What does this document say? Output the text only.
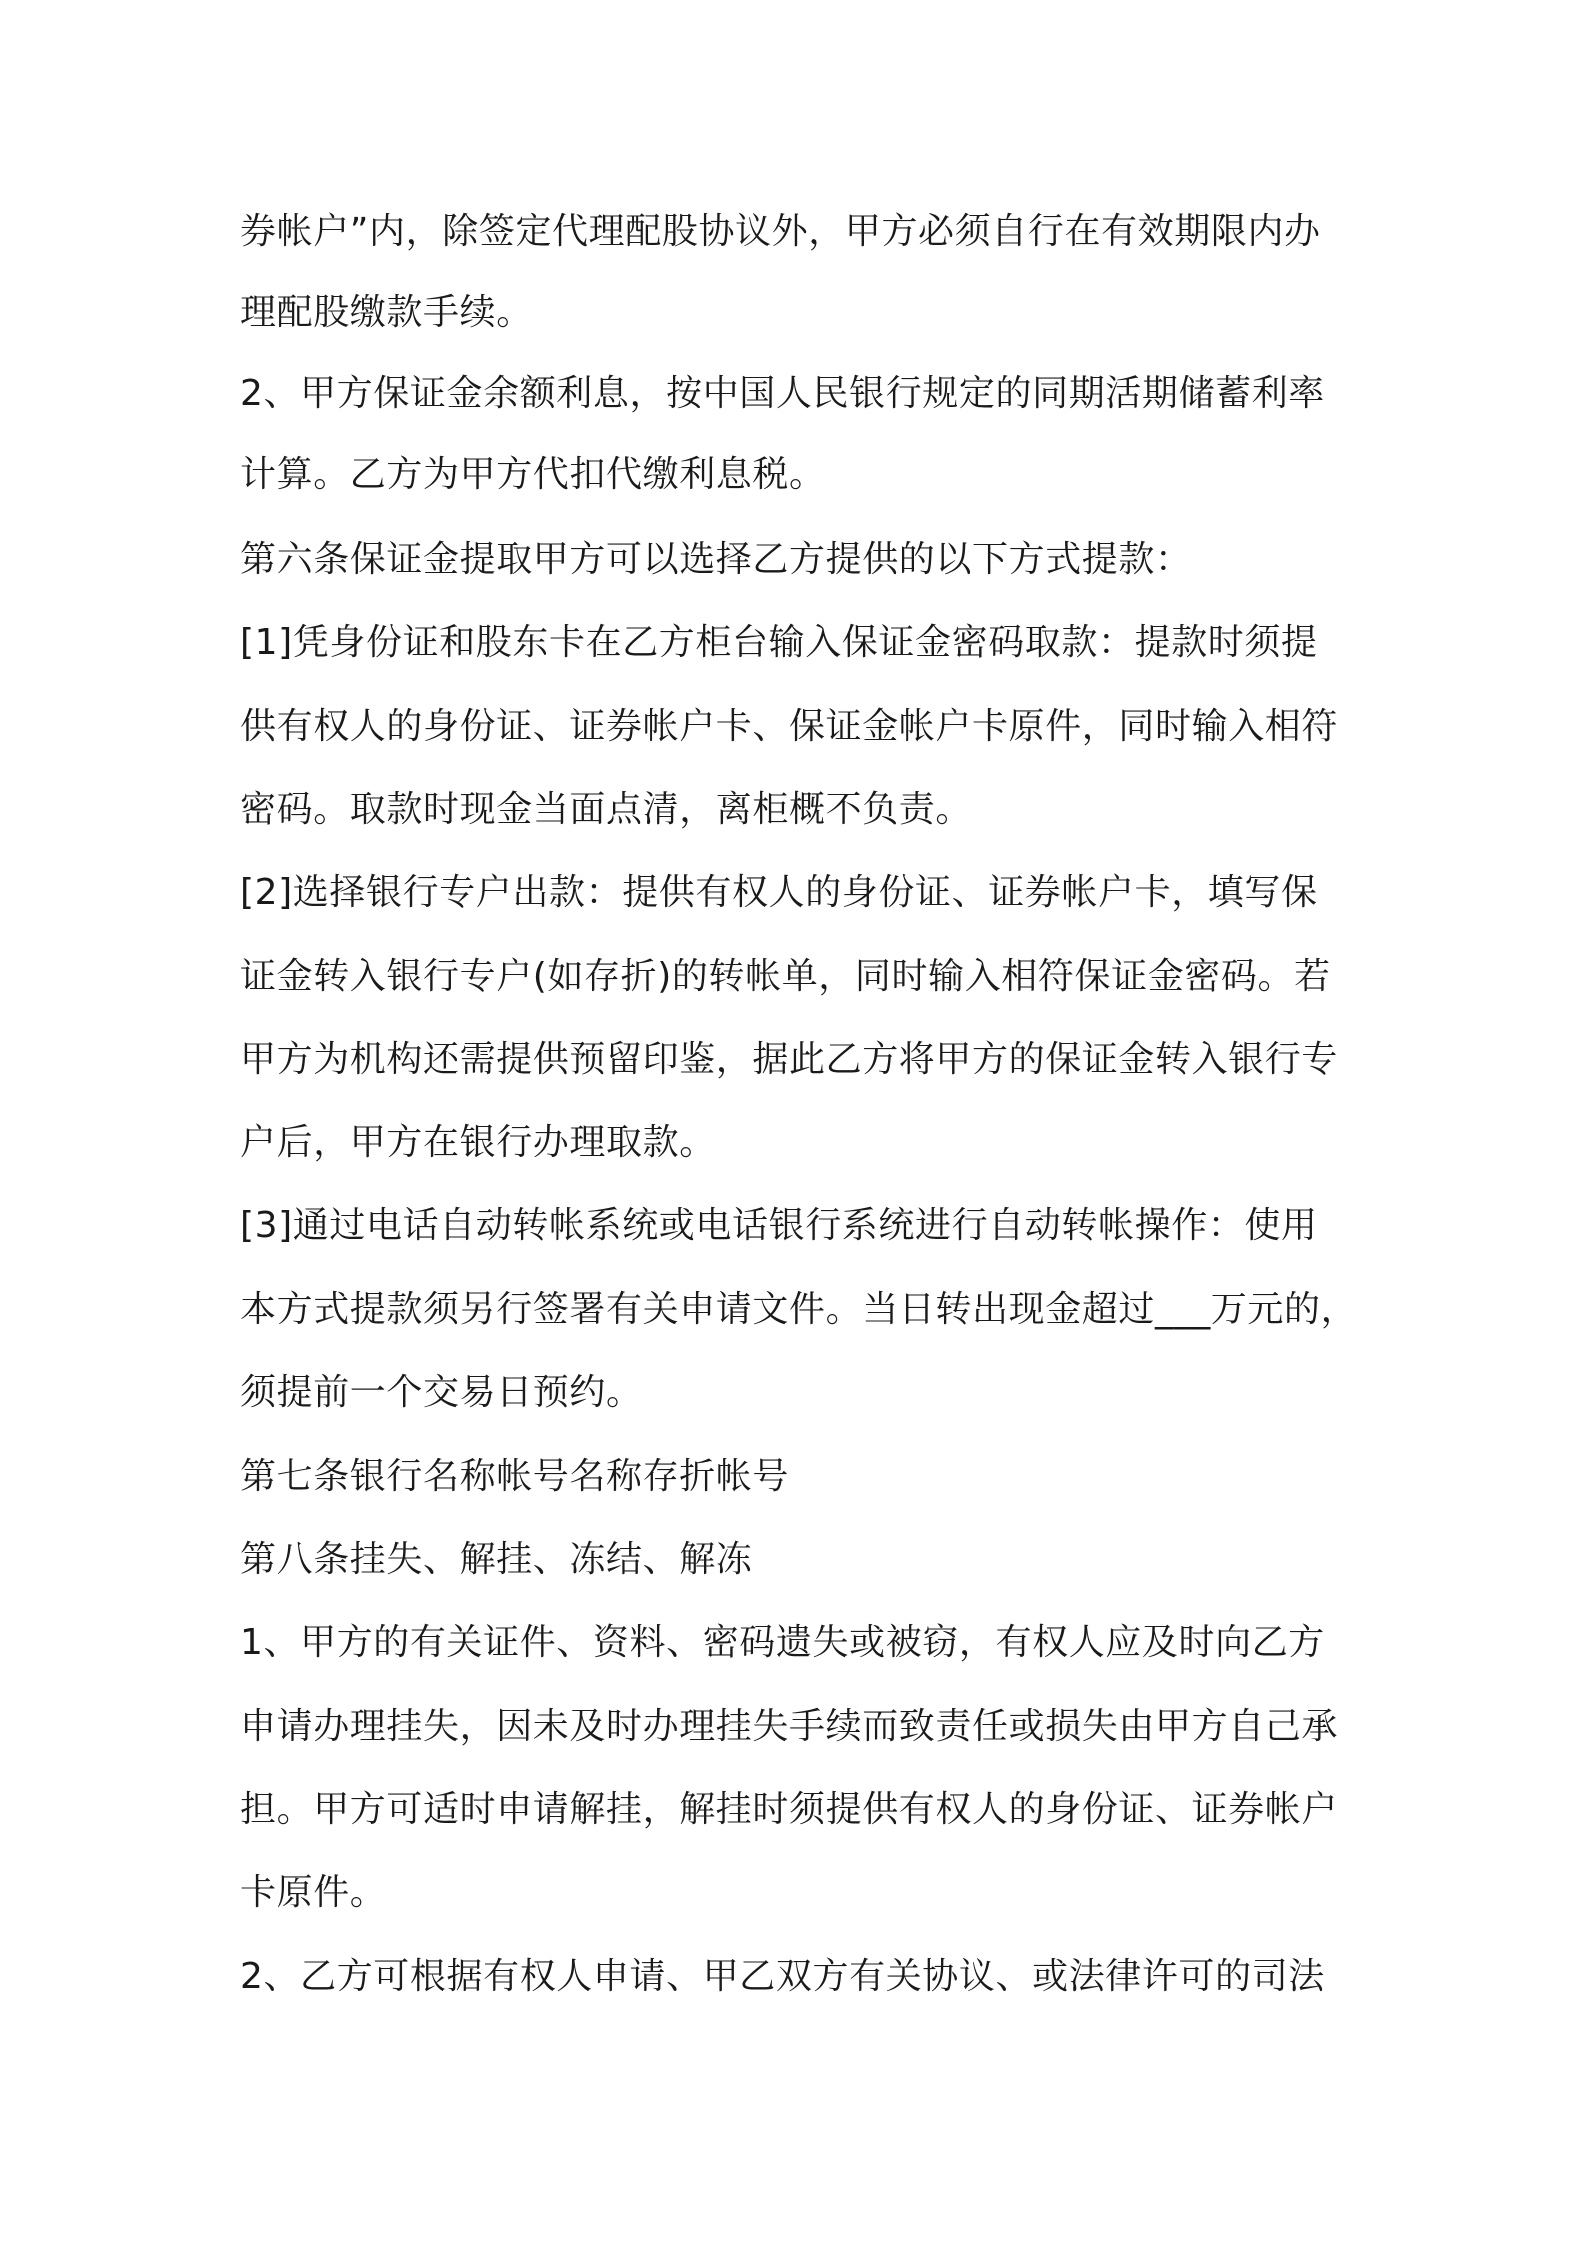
券帐户”内，除签定代理配股协议外，甲方必须自行在有效期限内办
理配股缴款手续。
2、甲方保证金余额利息，按中国人民银行规定的同期活期储蓄利率
计算。乙方为甲方代扣代缴利息税。
第六条保证金提取甲方可以选择乙方提供的以下方式提款：
[1]凭身份证和股东卡在乙方柜台输入保证金密码取款：提款时须提
供有权人的身份证、证券帐户卡、保证金帐户卡原件，同时输入相符
密码。取款时现金当面点清，离柜概不负责。
[2]选择银行专户出款：提供有权人的身份证、证券帐户卡，填写保
证金转入银行专户(如存折)的转帐单，同时输入相符保证金密码。若
甲方为机构还需提供预留印鉴，据此乙方将甲方的保证金转入银行专
户后，甲方在银行办理取款。
[3]通过电话自动转帐系统或电话银行系统进行自动转帐操作：使用
本方式提款须另行签署有关申请文件。当日转出现金超过___万元的，
须提前一个交易日预约。
第七条银行名称帐号名称存折帐号
第八条挂失、解挂、冻结、解冻
1、甲方的有关证件、资料、密码遗失或被窃，有权人应及时向乙方
申请办理挂失，因未及时办理挂失手续而致责任或损失由甲方自己承
担。甲方可适时申请解挂，解挂时须提供有权人的身份证、证券帐户
卡原件。
2、乙方可根据有权人申请、甲乙双方有关协议、或法律许可的司法
